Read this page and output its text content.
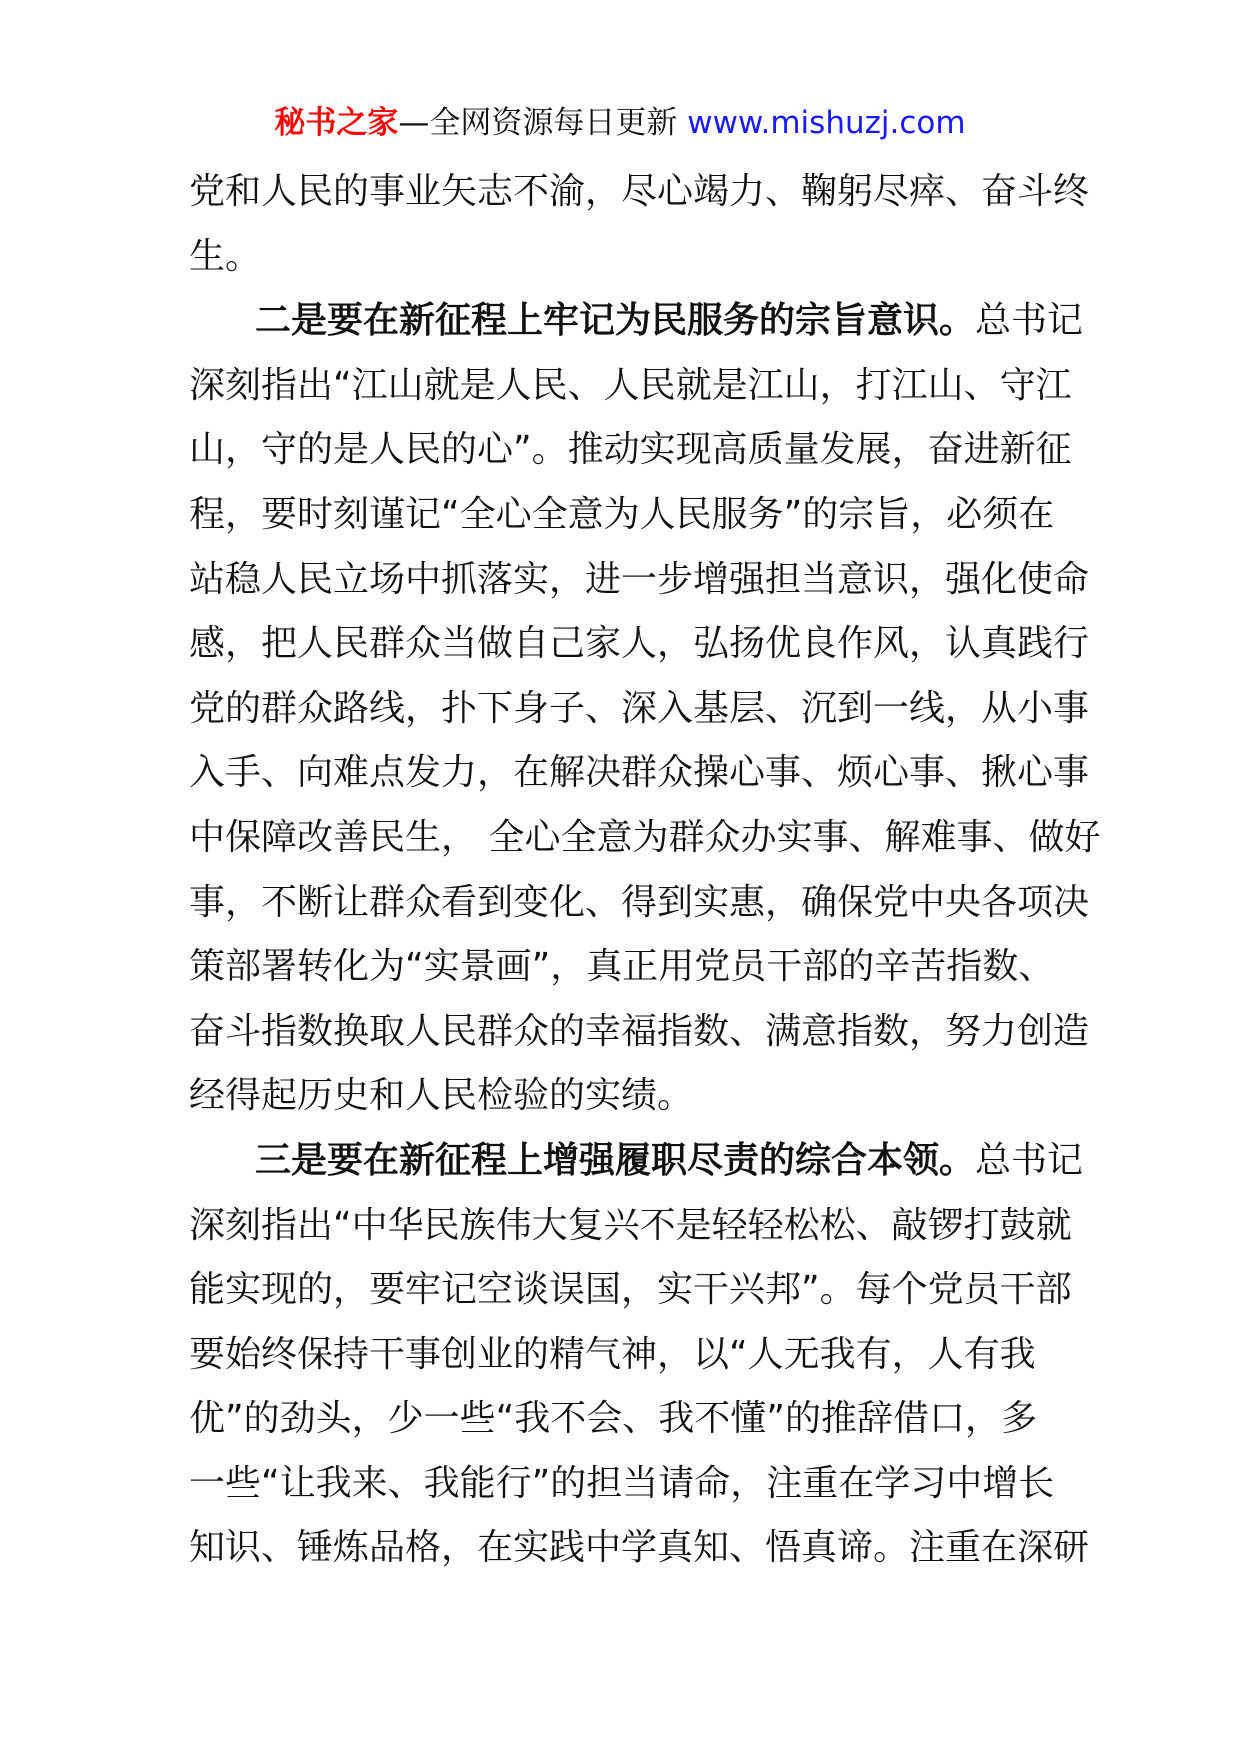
秘书之家—全网资源每日更新 www.mishuzj.com

党和人民的事业矢志不渝，尽心竭力、鞠躬尽瘁、奋斗终
生。

二是要在新征程上牢记为民服务的宗旨意识。总书记
深刻指出“江山就是人民、人民就是江山，打江山、守江
山，守的是人民的心”。推动实现高质量发展，奋进新征
程，要时刻谨记“全心全意为人民服务”的宗旨，必须在
站稳人民立场中抓落实，进一步增强担当意识，强化使命
感，把人民群众当做自己家人，弘扬优良作风，认真践行
党的群众路线，扑下身子、深入基层、沉到一线，从小事
入手、向难点发力，在解决群众操心事、烦心事、揪心事
中保障改善民生， 全心全意为群众办实事、解难事、做好
事，不断让群众看到变化、得到实惠，确保党中央各项决
策部署转化为“实景画”，真正用党员干部的辛苦指数、
奋斗指数换取人民群众的幸福指数、满意指数，努力创造
经得起历史和人民检验的实绩。

三是要在新征程上增强履职尽责的综合本领。总书记
深刻指出“中华民族伟大复兴不是轻轻松松、敲锣打鼓就
能实现的，要牢记空谈误国，实干兴邦”。每个党员干部
要始终保持干事创业的精气神，以“人无我有，人有我
优”的劲头，少一些“我不会、我不懂”的推辞借口，多
一些“让我来、我能行”的担当请命，注重在学习中增长
知识、锤炼品格，在实践中学真知、悟真谛。注重在深研
